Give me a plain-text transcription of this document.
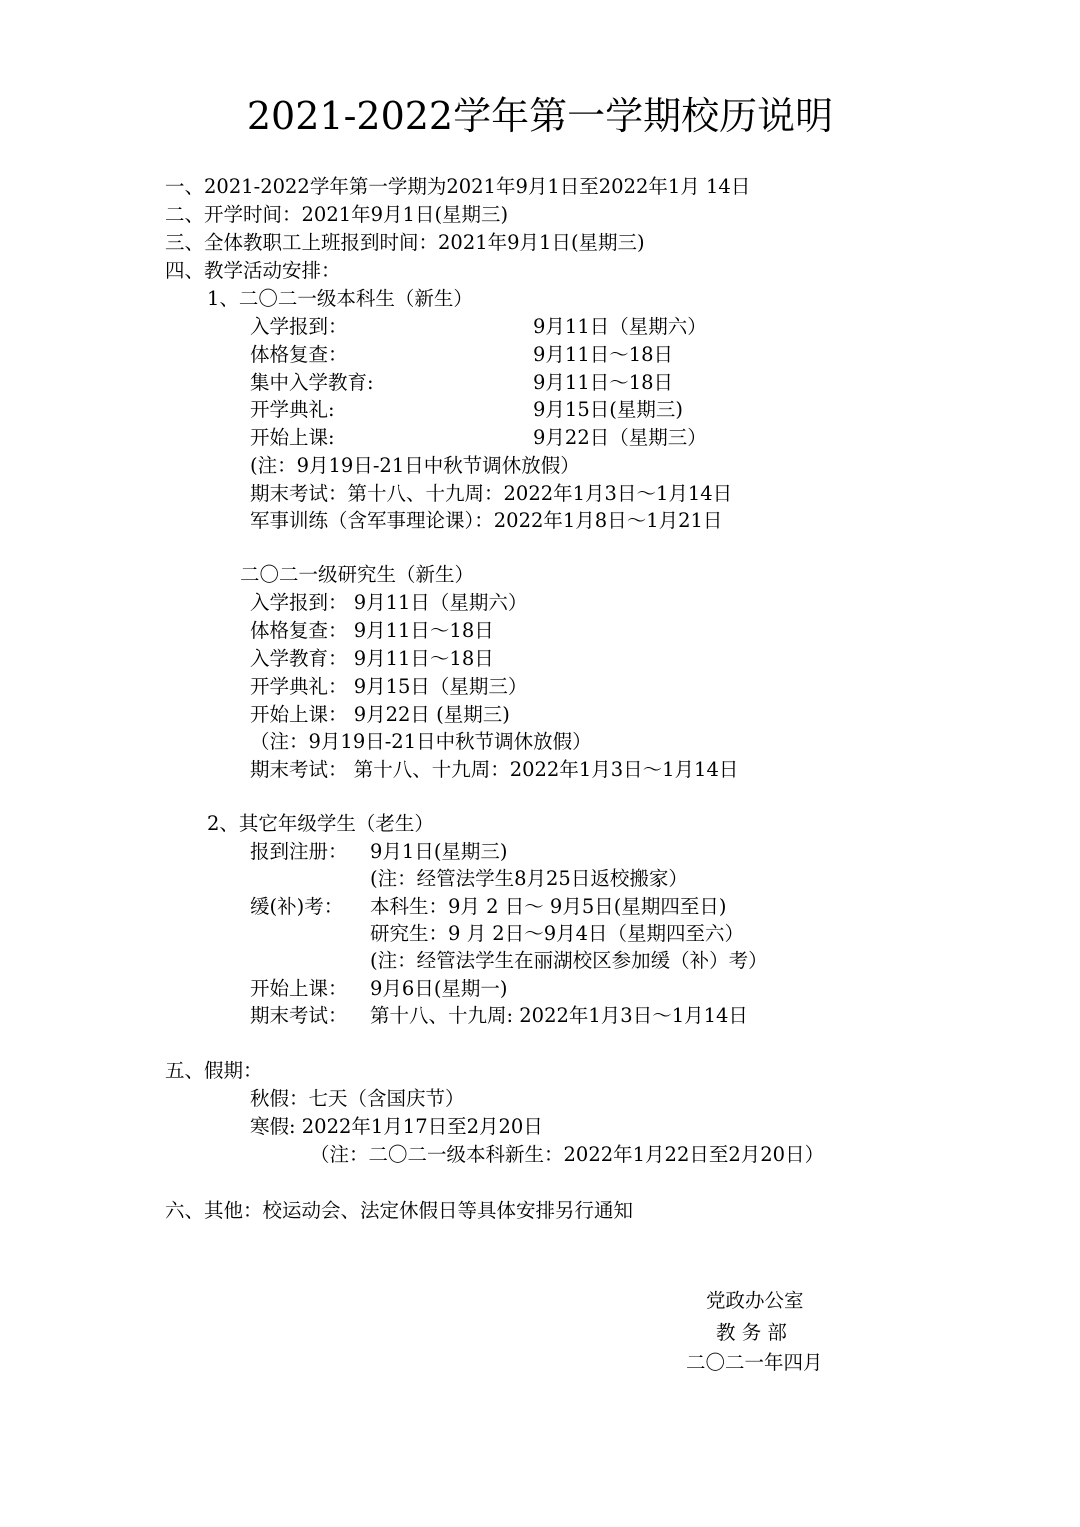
2021-2022学年第一学期校历说明
一、2021-2022学年第一学期为2021年9月1日至2022年1月 14日
二、开学时间：2021年9月1日(星期三)
三、全体教职工上班报到时间：2021年9月1日(星期三)
四、教学活动安排：
1、二〇二一级本科生（新生）
入学报到：	9月11日（星期六）
体格复查：	9月11日～18日
集中入学教育:	9月11日～18日
开学典礼:	9月15日(星期三)
开始上课:	9月22日（星期三）
(注：9月19日-21日中秋节调休放假）
期末考试：第十八、十九周：2022年1月3日～1月14日
军事训练（含军事理论课）：2022年1月8日～1月21日
二〇二一级研究生（新生）
入学报到： 9月11日（星期六）
体格复查： 9月11日～18日
入学教育： 9月11日～18日
开学典礼： 9月15日（星期三）
开始上课： 9月22日 (星期三)
（注：9月19日-21日中秋节调休放假）
期末考试： 第十八、十九周：2022年1月3日～1月14日
2、其它年级学生（老生）
报到注册： 9月1日(星期三)
(注：经管法学生8月25日返校搬家）
缓(补)考： 本科生：9月 2 日～ 9月5日(星期四至日)
研究生：9 月 2日～9月4日（星期四至六）
(注：经管法学生在丽湖校区参加缓（补）考）
开始上课： 9月6日(星期一)
期末考试： 第十八、十九周: 2022年1月3日～1月14日
五、假期：
秋假：七天（含国庆节）
寒假: 2022年1月17日至2月20日
（注：二〇二一级本科新生：2022年1月22日至2月20日）
六、其他：校运动会、法定休假日等具体安排另行通知
党政办公室
教 务 部
二〇二一年四月
